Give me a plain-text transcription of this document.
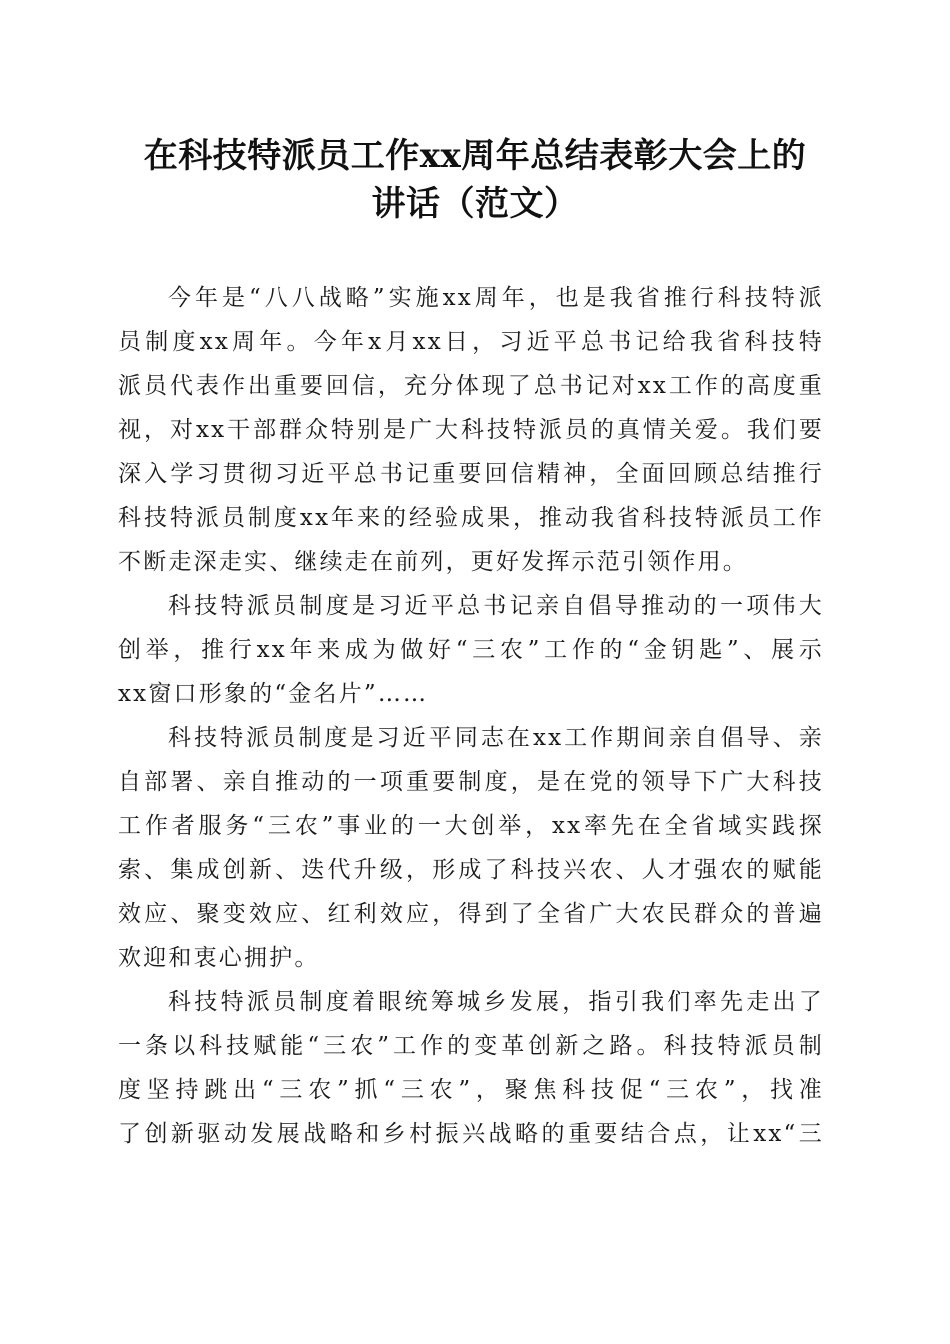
在科技特派员工作xx周年总结表彰大会上的
讲话（范文）

今年是“八八战略”实施xx周年，也是我省推行科技特派
员制度xx周年。今年x月xx日，习近平总书记给我省科技特
派员代表作出重要回信，充分体现了总书记对xx工作的高度重
视，对xx干部群众特别是广大科技特派员的真情关爱。我们要
深入学习贯彻习近平总书记重要回信精神，全面回顾总结推行
科技特派员制度xx年来的经验成果，推动我省科技特派员工作
不断走深走实、继续走在前列，更好发挥示范引领作用。

科技特派员制度是习近平总书记亲自倡导推动的一项伟大
创举，推行xx年来成为做好“三农”工作的“金钥匙”、展示
xx窗口形象的“金名片”……

科技特派员制度是习近平同志在xx工作期间亲自倡导、亲
自部署、亲自推动的一项重要制度，是在党的领导下广大科技
工作者服务“三农”事业的一大创举，xx率先在全省域实践探
索、集成创新、迭代升级，形成了科技兴农、人才强农的赋能
效应、聚变效应、红利效应，得到了全省广大农民群众的普遍
欢迎和衷心拥护。

科技特派员制度着眼统筹城乡发展，指引我们率先走出了
一条以科技赋能“三农”工作的变革创新之路。科技特派员制
度坚持跳出“三农”抓“三农”，聚焦科技促“三农”，找准
了创新驱动发展战略和乡村振兴战略的重要结合点，让xx“三
